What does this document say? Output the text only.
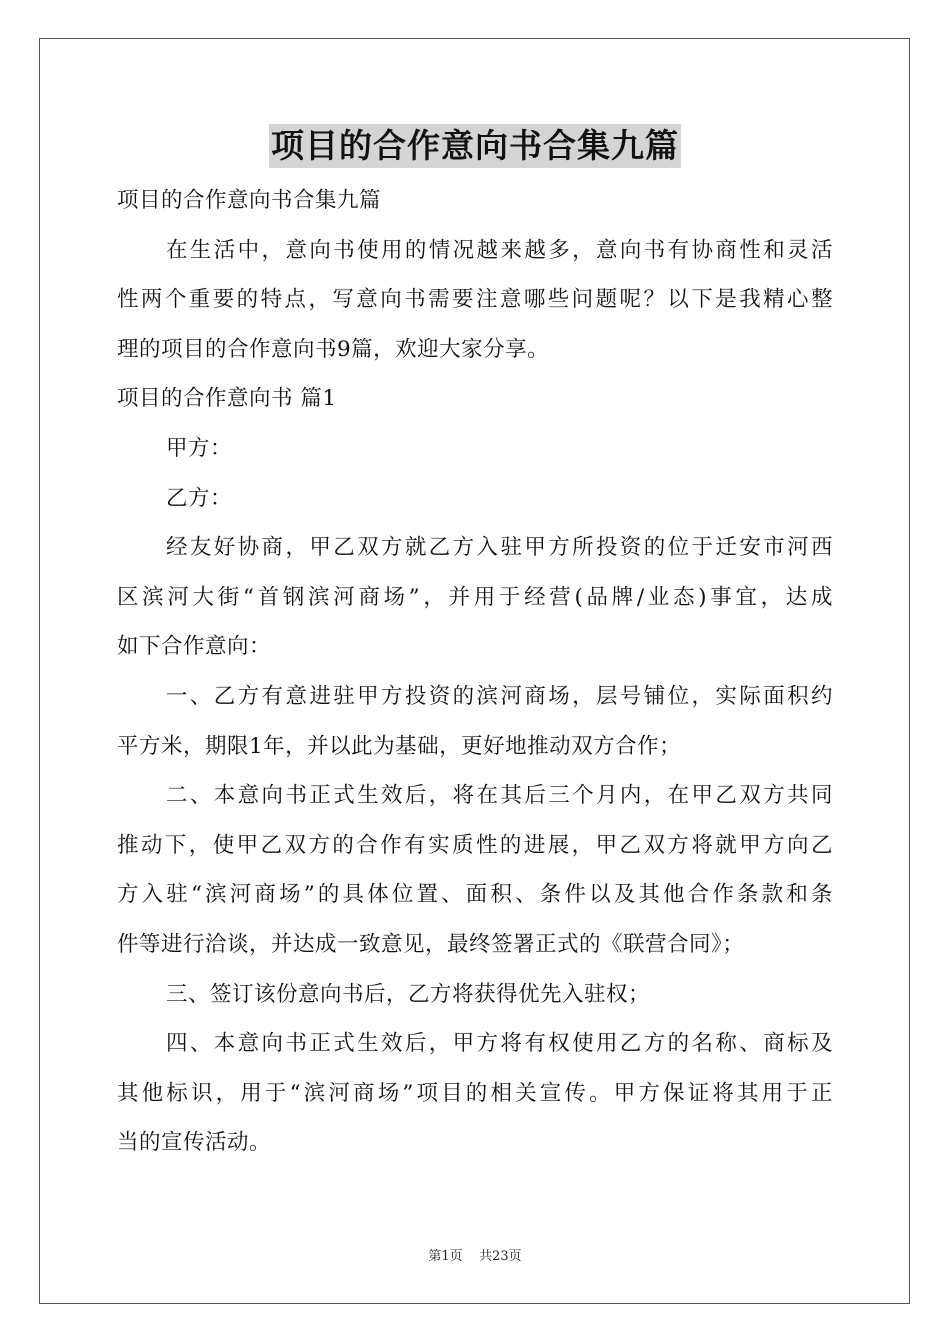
项目的合作意向书合集九篇
项目的合作意向书合集九篇
在生活中，意向书使用的情况越来越多，意向书有协商性和灵活
性两个重要的特点，写意向书需要注意哪些问题呢？以下是我精心整
理的项目的合作意向书9篇，欢迎大家分享。
项目的合作意向书 篇1
甲方：
乙方：
经友好协商，甲乙双方就乙方入驻甲方所投资的位于迁安市河西
区滨河大街“首钢滨河商场”，并用于经营(品牌/业态)事宜，达成
如下合作意向：
一、乙方有意进驻甲方投资的滨河商场，层号铺位，实际面积约
平方米，期限1年，并以此为基础，更好地推动双方合作；
二、本意向书正式生效后，将在其后三个月内，在甲乙双方共同
推动下，使甲乙双方的合作有实质性的进展，甲乙双方将就甲方向乙
方入驻“滨河商场”的具体位置、面积、条件以及其他合作条款和条
件等进行洽谈，并达成一致意见，最终签署正式的《联营合同》；
三、签订该份意向书后，乙方将获得优先入驻权；
四、本意向书正式生效后，甲方将有权使用乙方的名称、商标及
其他标识，用于“滨河商场”项目的相关宣传。甲方保证将其用于正
当的宣传活动。
第1页 共23页
